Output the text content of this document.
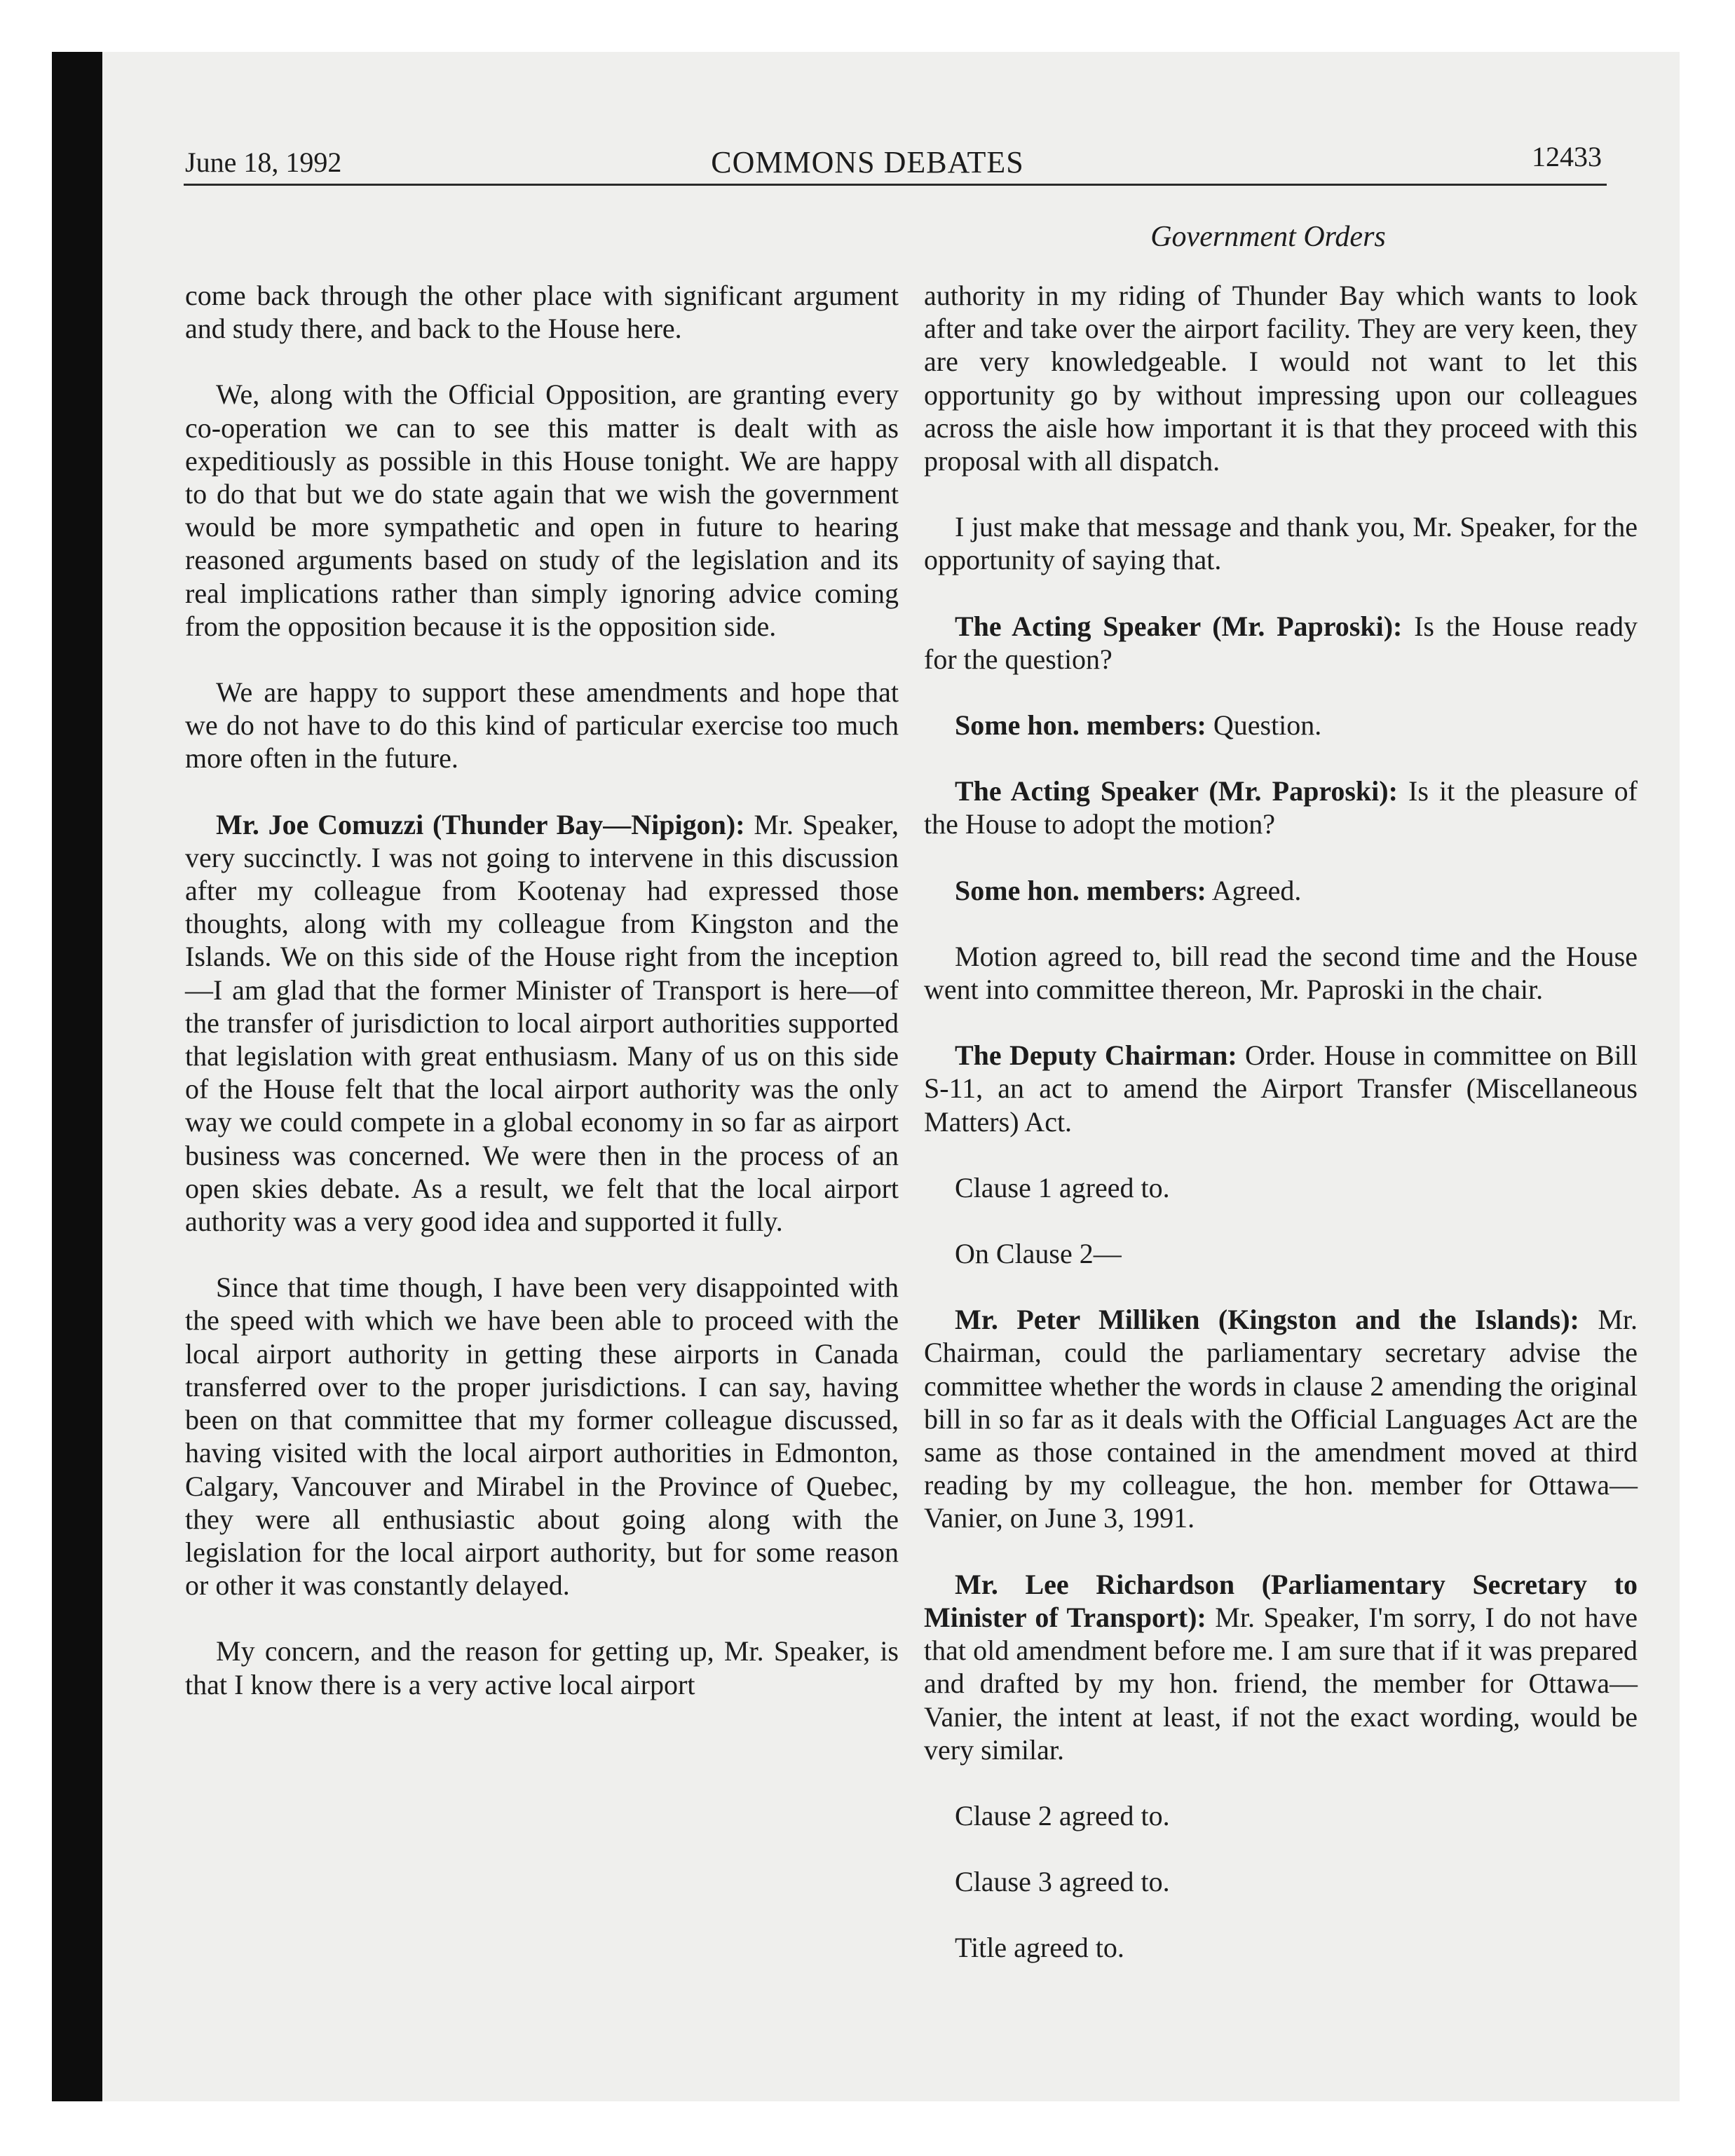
June 18, 1992	COMMONS DEBATES	12433
Government Orders

come back through the other place with significant argument and study there, and back to the House here.

We, along with the Official Opposition, are granting every co-operation we can to see this matter is dealt with as expeditiously as possible in this House tonight. We are happy to do that but we do state again that we wish the government would be more sympathetic and open in future to hearing reasoned arguments based on study of the legislation and its real implications rather than simply ignoring advice coming from the opposition because it is the opposition side.

We are happy to support these amendments and hope that we do not have to do this kind of particular exercise too much more often in the future.

Mr. Joe Comuzzi (Thunder Bay—Nipigon): Mr. Speaker, very succinctly. I was not going to intervene in this discussion after my colleague from Kootenay had expressed those thoughts, along with my colleague from Kingston and the Islands. We on this side of the House right from the inception—I am glad that the former Minister of Transport is here—of the transfer of jurisdiction to local airport authorities supported that legislation with great enthusiasm. Many of us on this side of the House felt that the local airport authority was the only way we could compete in a global economy in so far as airport business was concerned. We were then in the process of an open skies debate. As a result, we felt that the local airport authority was a very good idea and supported it fully.

Since that time though, I have been very disappointed with the speed with which we have been able to proceed with the local airport authority in getting these airports in Canada transferred over to the proper jurisdictions. I can say, having been on that committee that my former colleague discussed, having visited with the local airport authorities in Edmonton, Calgary, Vancouver and Mirabel in the Province of Quebec, they were all enthusiastic about going along with the legislation for the local airport authority, but for some reason or other it was constantly delayed.

My concern, and the reason for getting up, Mr. Speaker, is that I know there is a very active local airport

authority in my riding of Thunder Bay which wants to look after and take over the airport facility. They are very keen, they are very knowledgeable. I would not want to let this opportunity go by without impressing upon our colleagues across the aisle how important it is that they proceed with this proposal with all dispatch.

I just make that message and thank you, Mr. Speaker, for the opportunity of saying that.

The Acting Speaker (Mr. Paproski): Is the House ready for the question?

Some hon. members: Question.

The Acting Speaker (Mr. Paproski): Is it the pleasure of the House to adopt the motion?

Some hon. members: Agreed.

Motion agreed to, bill read the second time and the House went into committee thereon, Mr. Paproski in the chair.

The Deputy Chairman: Order. House in committee on Bill S-11, an act to amend the Airport Transfer (Miscellaneous Matters) Act.

Clause 1 agreed to.

On Clause 2—

Mr. Peter Milliken (Kingston and the Islands): Mr. Chairman, could the parliamentary secretary advise the committee whether the words in clause 2 amending the original bill in so far as it deals with the Official Languages Act are the same as those contained in the amendment moved at third reading by my colleague, the hon. member for Ottawa—Vanier, on June 3, 1991.

Mr. Lee Richardson (Parliamentary Secretary to Minister of Transport): Mr. Speaker, I'm sorry, I do not have that old amendment before me. I am sure that if it was prepared and drafted by my hon. friend, the member for Ottawa—Vanier, the intent at least, if not the exact wording, would be very similar.

Clause 2 agreed to.

Clause 3 agreed to.

Title agreed to.
